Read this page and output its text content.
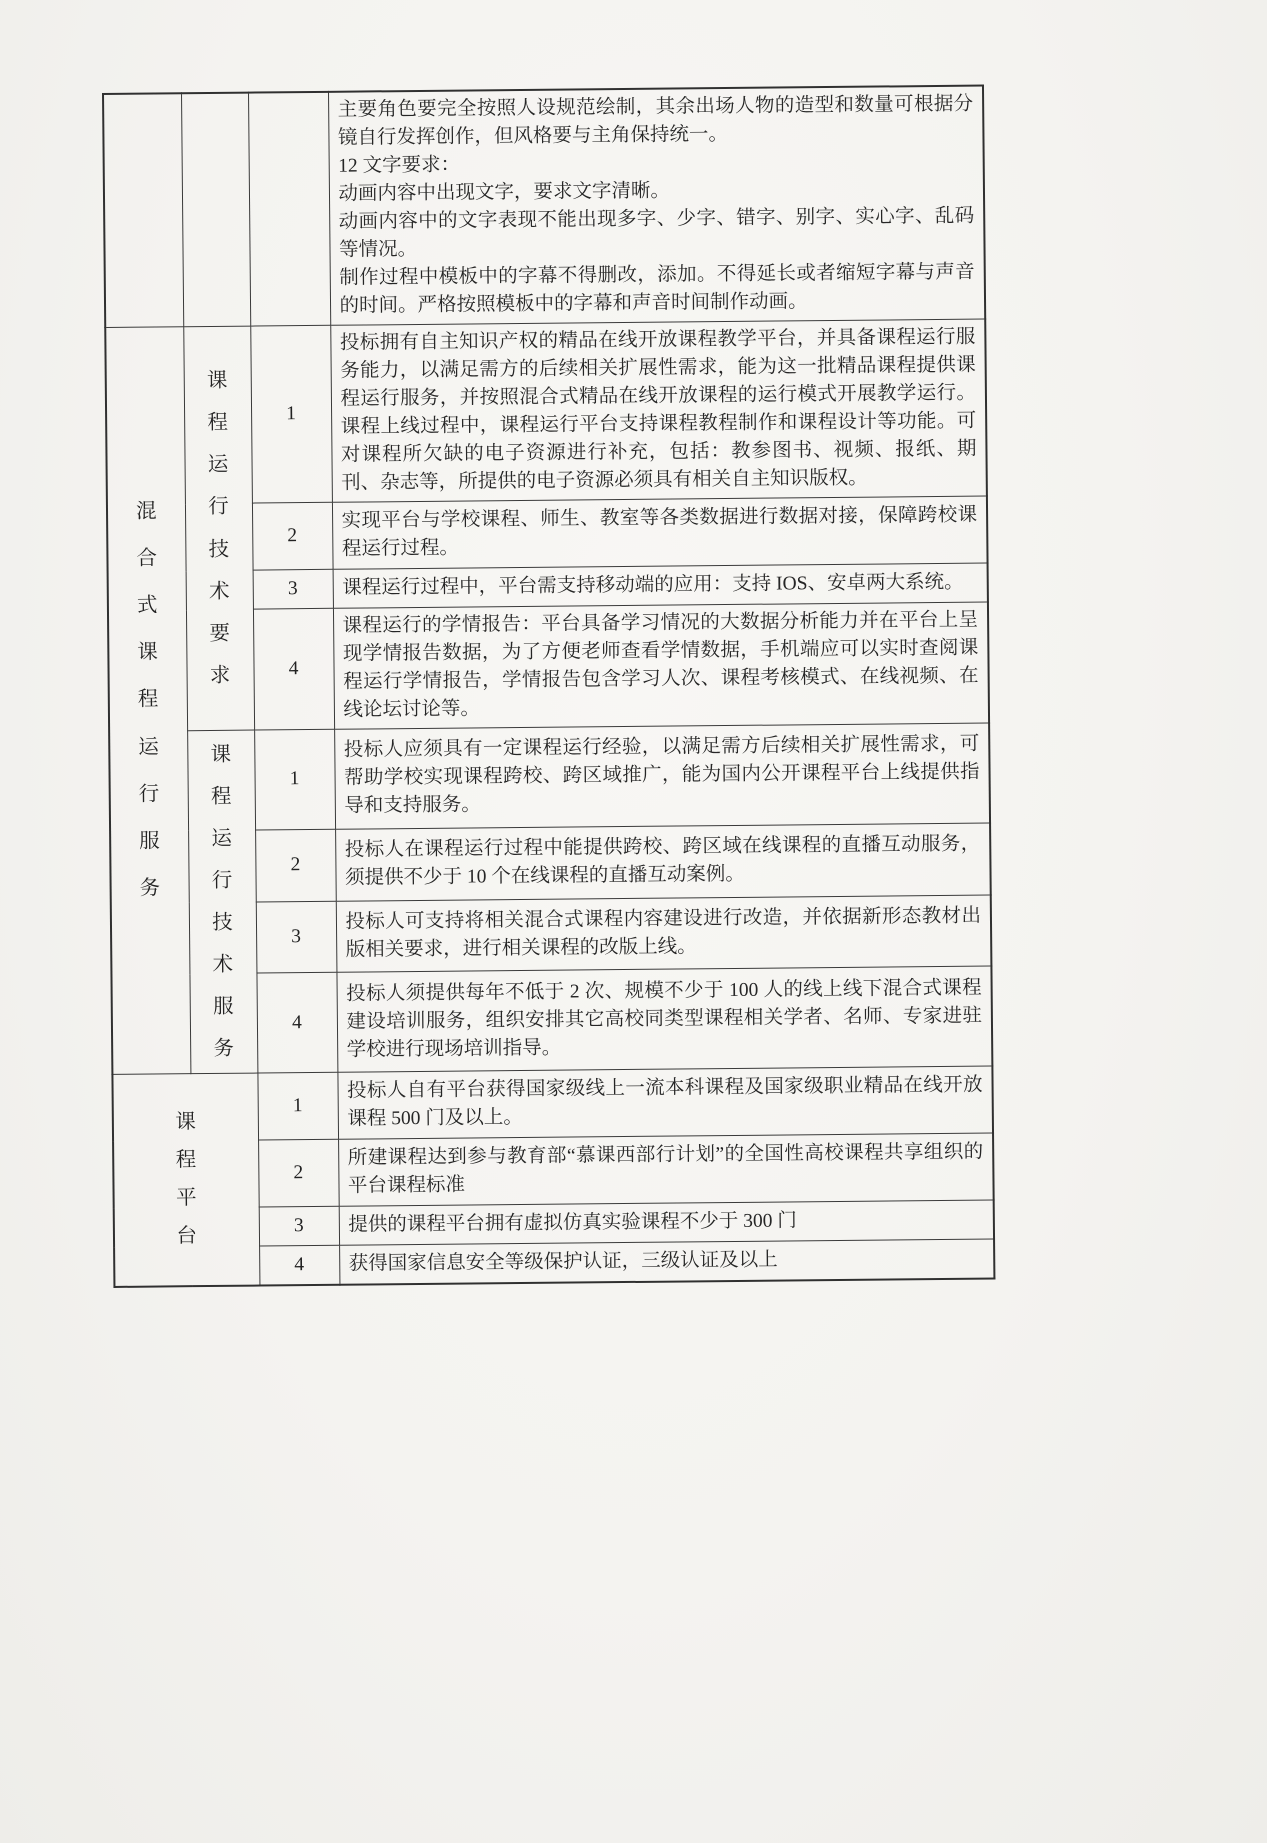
			主要角色要完全按照人设规范绘制，其余出场人物的造型和数量可根据分镜自行发挥创作，但风格要与主角保持统一。
12 文字要求：
动画内容中出现文字，要求文字清晰。
动画内容中的文字表现不能出现多字、少字、错字、别字、实心字、乱码等情况。
制作过程中模板中的字幕不得删改，添加。不得延长或者缩短字幕与声音的时间。严格按照模板中的字幕和声音时间制作动画。

混合式课程运行服务	课程运行技术要求	1	投标拥有自主知识产权的精品在线开放课程教学平台，并具备课程运行服务能力，以满足需方的后续相关扩展性需求，能为这一批精品课程提供课程运行服务，并按照混合式精品在线开放课程的运行模式开展教学运行。课程上线过程中，课程运行平台支持课程教程制作和课程设计等功能。可对课程所欠缺的电子资源进行补充，包括：教参图书、视频、报纸、期刊、杂志等，所提供的电子资源必须具有相关自主知识版权。
		2	实现平台与学校课程、师生、教室等各类数据进行数据对接，保障跨校课程运行过程。
		3	课程运行过程中，平台需支持移动端的应用：支持 IOS、安卓两大系统。
		4	课程运行的学情报告：平台具备学习情况的大数据分析能力并在平台上呈现学情报告数据，为了方便老师查看学情数据，手机端应可以实时查阅课程运行学情报告，学情报告包含学习人次、课程考核模式、在线视频、在线论坛讨论等。

	课程运行技术服务	1	投标人应须具有一定课程运行经验，以满足需方后续相关扩展性需求，可帮助学校实现课程跨校、跨区域推广，能为国内公开课程平台上线提供指导和支持服务。
		2	投标人在课程运行过程中能提供跨校、跨区域在线课程的直播互动服务，须提供不少于 10 个在线课程的直播互动案例。
		3	投标人可支持将相关混合式课程内容建设进行改造，并依据新形态教材出版相关要求，进行相关课程的改版上线。
		4	投标人须提供每年不低于 2 次、规模不少于 100 人的线上线下混合式课程建设培训服务，组织安排其它高校同类型课程相关学者、名师、专家进驻学校进行现场培训指导。

课程平台		1	投标人自有平台获得国家级线上一流本科课程及国家级职业精品在线开放课程 500 门及以上。
		2	所建课程达到参与教育部“慕课西部行计划”的全国性高校课程共享组织的平台课程标准
		3	提供的课程平台拥有虚拟仿真实验课程不少于 300 门
		4	获得国家信息安全等级保护认证，三级认证及以上
